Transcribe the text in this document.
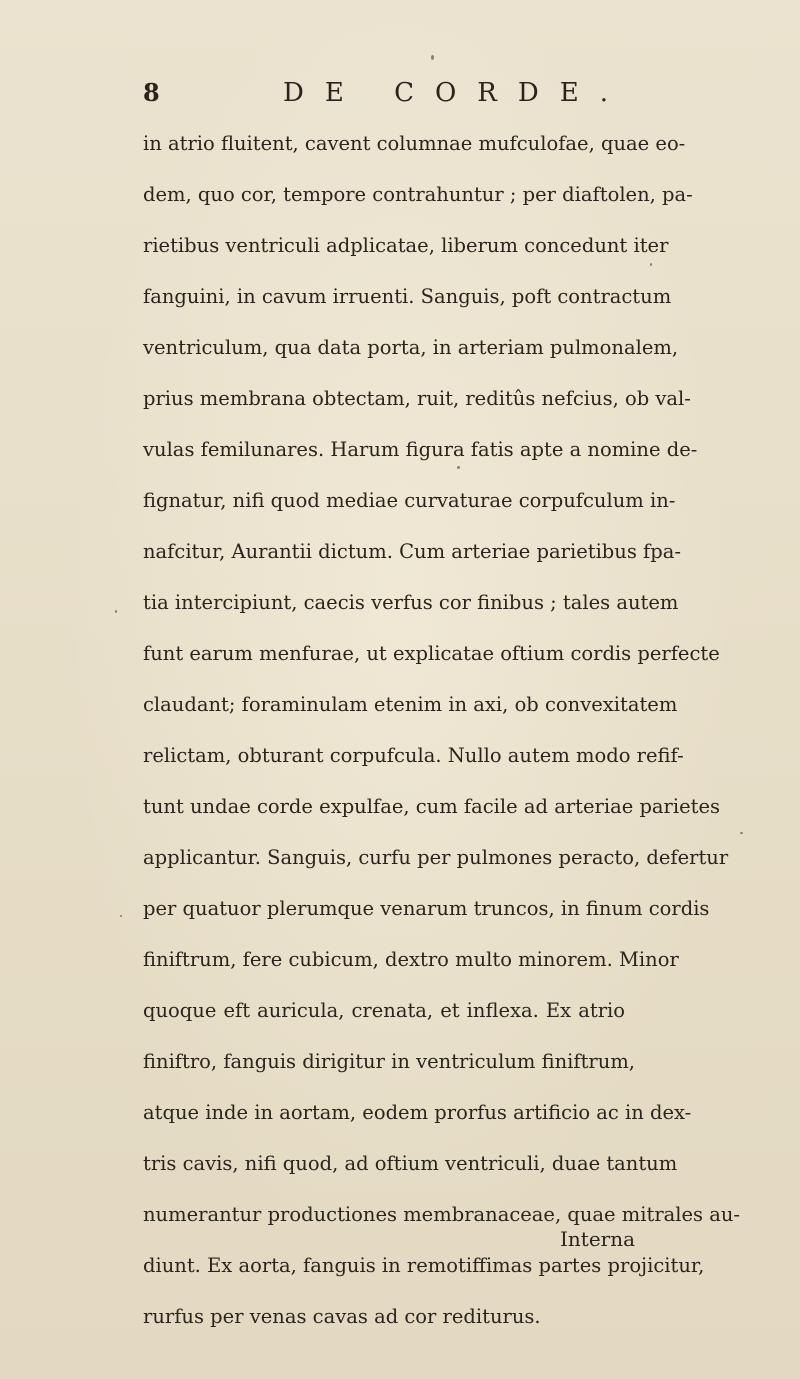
8	DE CORDE.
in atrio fluitent, cavent columnae mufculofae, quae eo-
dem, quo cor, tempore contrahuntur ; per diaftolen, pa-
rietibus ventriculi adplicatae, liberum concedunt iter
fanguini, in cavum irruenti. Sanguis, poft contractum
ventriculum, qua data porta, in arteriam pulmonalem,
prius membrana obtectam, ruit, reditûs nefcius, ob val-
vulas femilunares. Harum figura fatis apte a nomine de-
fignatur, nifi quod mediae curvaturae corpufculum in-
nafcitur, Aurantii dictum. Cum arteriae parietibus fpa-
tia intercipiunt, caecis verfus cor finibus ; tales autem
funt earum menfurae, ut explicatae oftium cordis perfecte
claudant; foraminulam etenim in axi, ob convexitatem
relictam, obturant corpufcula. Nullo autem modo refif-
tunt undae corde expulfae, cum facile ad arteriae parietes
applicantur. Sanguis, curfu per pulmones peracto, defertur
per quatuor plerumque venarum truncos, in finum cordis
finiftrum, fere cubicum, dextro multo minorem. Minor
quoque eft auricula, crenata, et inflexa. Ex atrio
finiftro, fanguis dirigitur in ventriculum finiftrum,
atque inde in aortam, eodem prorfus artificio ac in dex-
tris cavis, nifi quod, ad oftium ventriculi, duae tantum
numerantur productiones membranaceae, quae mitrales au-
diunt. Ex aorta, fanguis in remotiffimas partes projicitur,
rurfus per venas cavas ad cor rediturus.
Interna
